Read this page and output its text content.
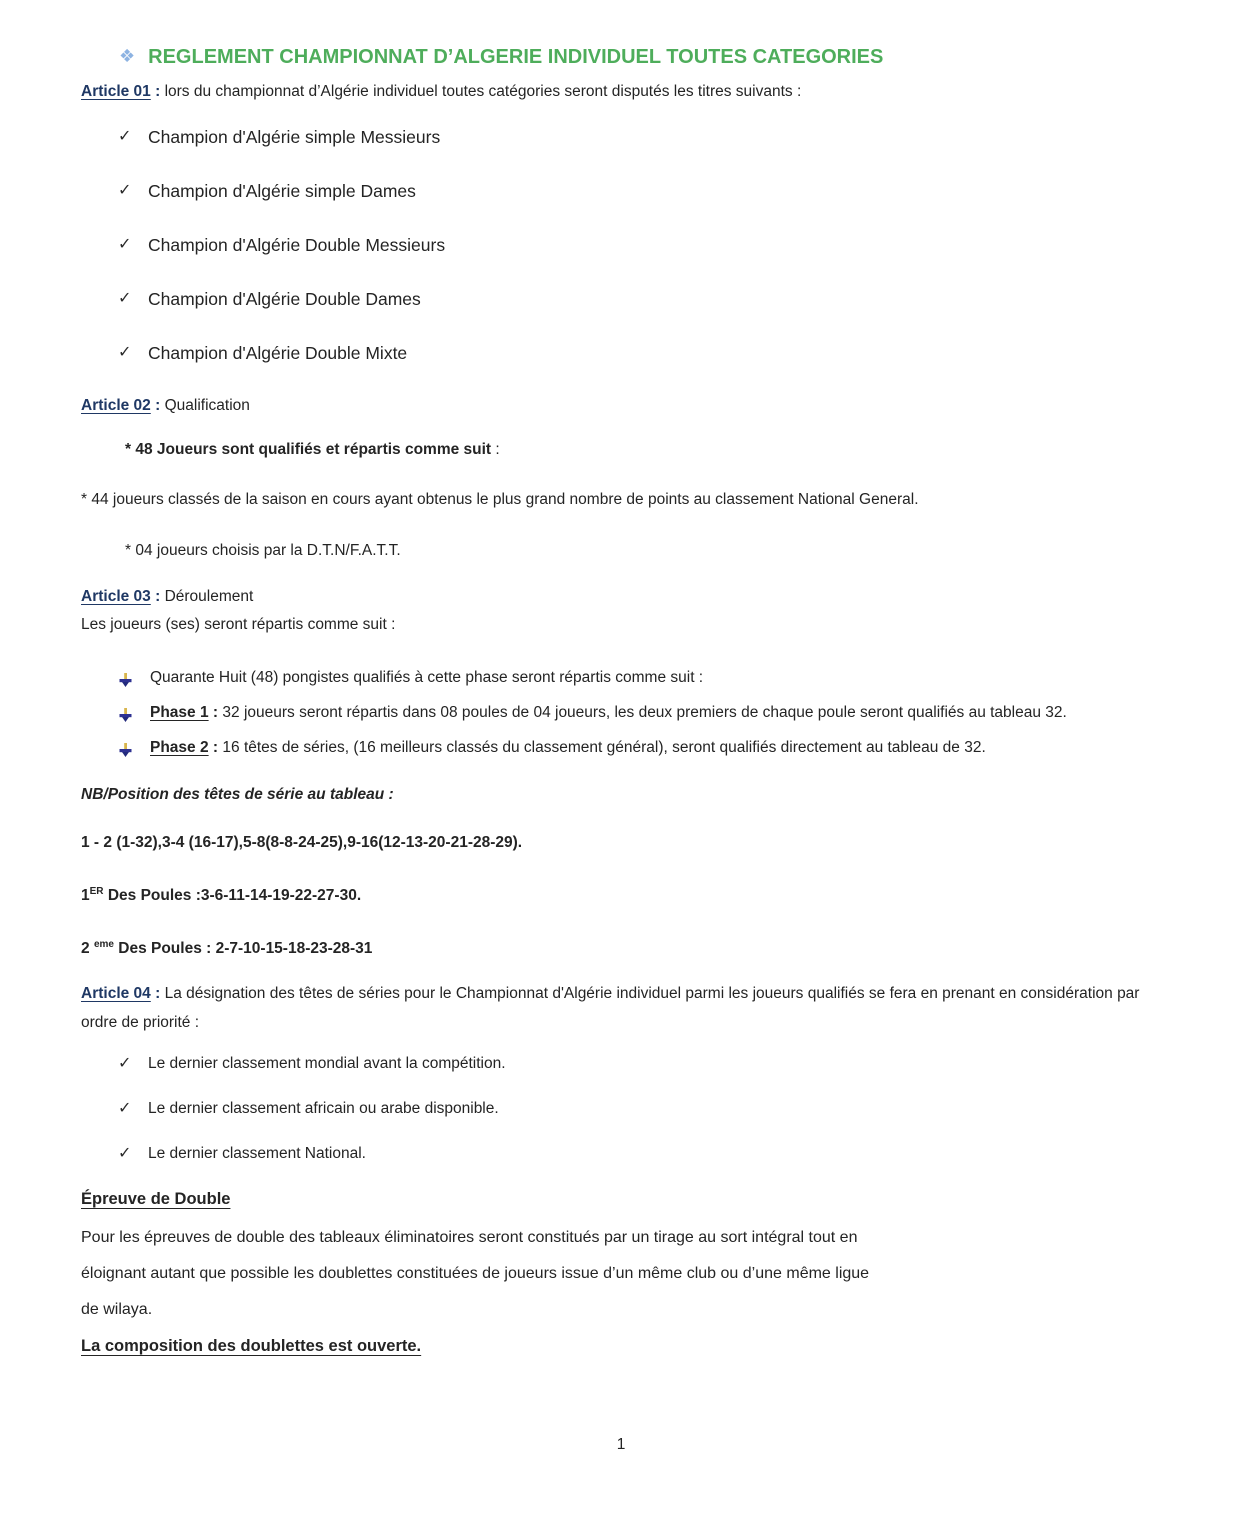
❖ REGLEMENT CHAMPIONNAT D’ALGERIE INDIVIDUEL TOUTES CATEGORIES
Article 01 : lors du championnat d’Algérie individuel toutes catégories seront disputés les titres suivants :
✓ Champion d'Algérie simple Messieurs
✓ Champion d'Algérie simple Dames
✓ Champion d'Algérie Double Messieurs
✓ Champion d'Algérie Double Dames
✓ Champion d'Algérie Double Mixte
Article 02 : Qualification
* 48 Joueurs sont qualifiés et répartis comme suit :
* 44 joueurs classés de la saison en cours ayant obtenus le plus grand nombre de points au classement National General.
* 04 joueurs choisis par la D.T.N/F.A.T.T.
Article 03 : Déroulement
Les joueurs (ses) seront répartis comme suit :
Quarante Huit (48) pongistes qualifiés à cette phase seront répartis comme suit :
Phase 1 : 32 joueurs seront répartis dans 08 poules de 04 joueurs, les deux premiers de chaque poule seront qualifiés au tableau 32.
Phase 2 : 16 têtes de séries, (16 meilleurs classés du classement général), seront qualifiés directement au tableau de 32.
NB/Position des têtes de série au tableau :
1 - 2 (1-32),3-4 (16-17),5-8(8-8-24-25),9-16(12-13-20-21-28-29).
1ER Des Poules :3-6-11-14-19-22-27-30.
2 $^{eme}$ Des Poules : 2-7-10-15-18-23-28-31
Article 04 : La désignation des têtes de séries pour le Championnat d'Algérie individuel parmi les joueurs qualifiés se fera en prenant en considération par ordre de priorité :
✓	Le dernier classement mondial avant la compétition.
✓	Le dernier classement africain ou arabe disponible.
✓	Le dernier classement National.
Épreuve de Double
Pour les épreuves de double des tableaux éliminatoires seront constitués par un tirage au sort intégral tout en
éloignant autant que possible les doublettes constituées de joueurs issue d’un même club ou d’une même ligue
de wilaya.
La composition des doublettes est ouverte.
1
